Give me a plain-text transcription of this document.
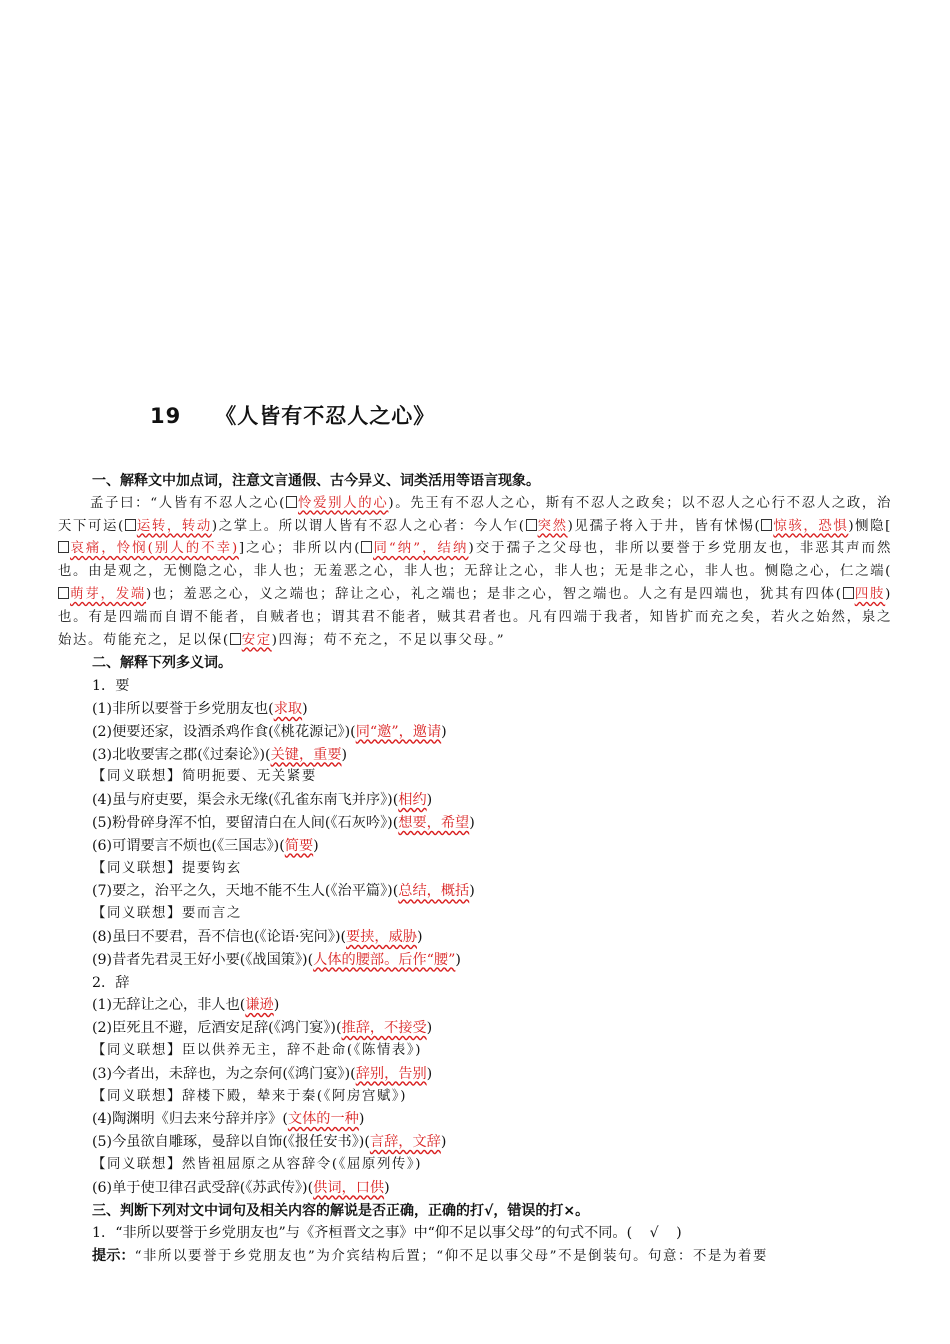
19 《人皆有不忍人之心》
一、解释文中加点词，注意文言通假、古今异义、词类活用等语言现象。
孟子曰：“人皆有不忍人之心( 怜爱别人的心)。先王有不忍人之心，斯有不忍人之政矣；以不忍人之心行不忍人之政，治天下可运( 运转，转动)之掌上。所以谓人皆有不忍人之心者：今人乍( 突然)见孺子将入于井，皆有怵惕( 惊骇，恐惧)恻隐[哀痛，怜悯(别人的不幸)]之心；非所以内( 同“纳”，结纳)交于孺子之父母也，非所以要誉于乡党朋友也，非恶其声而然也。由是观之，无恻隐之心，非人也；无羞恶之心，非人也；无辞让之心，非人也；无是非之心，非人也。恻隐之心，仁之端(萌芽，发端)也；羞恶之心，义之端也；辞让之心，礼之端也；是非之心，智之端也。人之有是四端也，犹其有四体( 四肢)也。有是四端而自谓不能者，自贼者也；谓其君不能者，贼其君者也。凡有四端于我者，知皆扩而充之矣，若火之始然，泉之始达。苟能充之，足以保( 安定)四海；苟不充之，不足以事父母。”
二、解释下列多义词。
1．要
(1)非所以要誉于乡党朋友也(求取)
(2)便要还家，设酒杀鸡作食(《桃花源记》)(同“邀”，邀请)
(3)北收要害之郡(《过秦论》)(关键，重要)
【同义联想】简明扼要、无关紧要
(4)虽与府吏要，渠会永无缘(《孔雀东南飞并序》)(相约)
(5)粉骨碎身浑不怕，要留清白在人间(《石灰吟》)(想要，希望)
(6)可谓要言不烦也(《三国志》)(简要)
【同义联想】提要钩玄
(7)要之，治平之久，天地不能不生人(《治平篇》)(总结，概括)
【同义联想】要而言之
(8)虽曰不要君，吾不信也(《论语·宪问》)(要挟，威胁)
(9)昔者先君灵王好小要(《战国策》)(人体的腰部。后作“腰”)
2．辞
(1)无辞让之心，非人也(谦逊)
(2)臣死且不避，卮酒安足辞(《鸿门宴》)(推辞，不接受)
【同义联想】臣以供养无主，辞不赴命(《陈情表》)
(3)今者出，未辞也，为之奈何(《鸿门宴》)(辞别，告别)
【同义联想】辞楼下殿，辇来于秦(《阿房宫赋》)
(4)陶渊明《归去来兮辞并序》(文体的一种)
(5)今虽欲自雕琢，曼辞以自饰(《报任安书》)(言辞，文辞)
【同义联想】然皆祖屈原之从容辞令(《屈原列传》)
(6)单于使卫律召武受辞(《苏武传》)(供词，口供)
三、判断下列对文中词句及相关内容的解说是否正确，正确的打√，错误的打×。
1．“非所以要誉于乡党朋友也”与《齐桓晋文之事》中“仰不足以事父母”的句式不同。( √ )
提示：“非所以要誉于乡党朋友也”为介宾结构后置；“仰不足以事父母”不是倒装句。句意：不是为着要
